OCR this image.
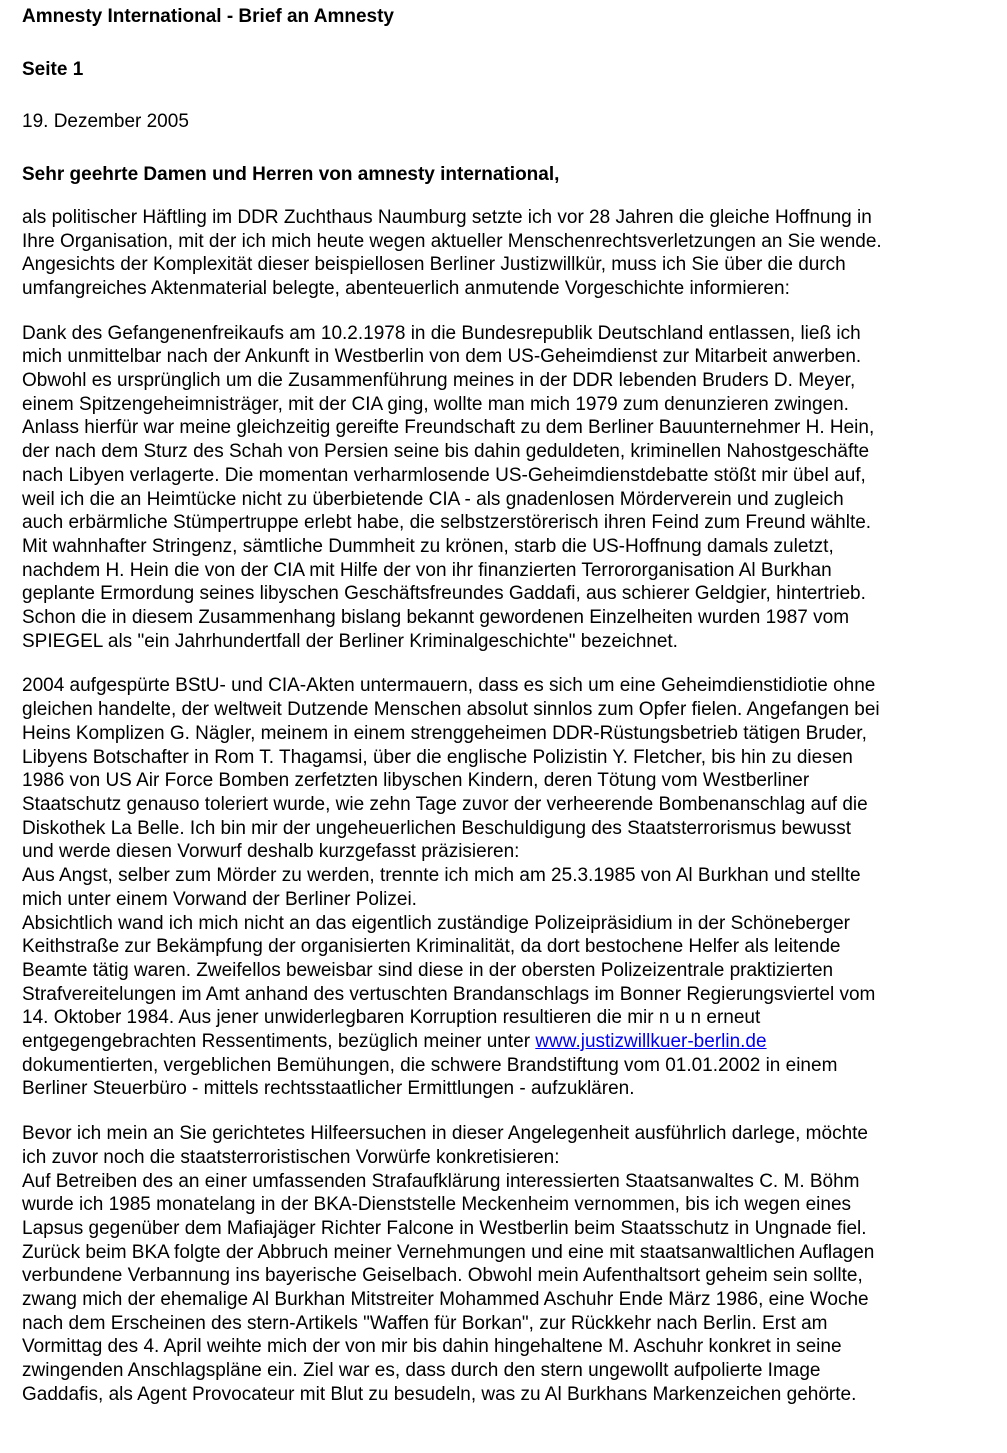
Amnesty International - Brief an Amnesty
Seite 1
19. Dezember 2005
Sehr geehrte Damen und Herren von amnesty international,
als politischer Häftling im DDR Zuchthaus Naumburg setzte ich vor 28 Jahren die gleiche Hoffnung in
Ihre Organisation, mit der ich mich heute wegen aktueller Menschenrechtsverletzungen an Sie wende.
Angesichts der Komplexität dieser beispiellosen Berliner Justizwillkür, muss ich Sie über die durch
umfangreiches Aktenmaterial belegte, abenteuerlich anmutende Vorgeschichte informieren:
Dank des Gefangenenfreikaufs am 10.2.1978 in die Bundesrepublik Deutschland entlassen, ließ ich
mich unmittelbar nach der Ankunft in Westberlin von dem US-Geheimdienst zur Mitarbeit anwerben.
Obwohl es ursprünglich um die Zusammenführung meines in der DDR lebenden Bruders D. Meyer,
einem Spitzengeheimnisträger, mit der CIA ging, wollte man mich 1979 zum denunzieren zwingen.
Anlass hierfür war meine gleichzeitig gereifte Freundschaft zu dem Berliner Bauunternehmer H. Hein,
der nach dem Sturz des Schah von Persien seine bis dahin geduldeten, kriminellen Nahostgeschäfte
nach Libyen verlagerte. Die momentan verharmlosende US-Geheimdienstdebatte stößt mir übel auf,
weil ich die an Heimtücke nicht zu überbietende CIA - als gnadenlosen Mörderverein und zugleich
auch erbärmliche Stümpertruppe erlebt habe, die selbstzerstörerisch ihren Feind zum Freund wählte.
Mit wahnhafter Stringenz, sämtliche Dummheit zu krönen, starb die US-Hoffnung damals zuletzt,
nachdem H. Hein die von der CIA mit Hilfe der von ihr finanzierten Terrororganisation Al Burkhan
geplante Ermordung seines libyschen Geschäftsfreundes Gaddafi, aus schierer Geldgier, hintertrieb.
Schon die in diesem Zusammenhang bislang bekannt gewordenen Einzelheiten wurden 1987 vom
SPIEGEL als "ein Jahrhundertfall der Berliner Kriminalgeschichte" bezeichnet.
2004 aufgespürte BStU- und CIA-Akten untermauern, dass es sich um eine Geheimdienstidiotie ohne
gleichen handelte, der weltweit Dutzende Menschen absolut sinnlos zum Opfer fielen. Angefangen bei
Heins Komplizen G. Nägler, meinem in einem strenggeheimen DDR-Rüstungsbetrieb tätigen Bruder,
Libyens Botschafter in Rom T. Thagamsi, über die englische Polizistin Y. Fletcher, bis hin zu diesen
1986 von US Air Force Bomben zerfetzten libyschen Kindern, deren Tötung vom Westberliner
Staatschutz genauso toleriert wurde, wie zehn Tage zuvor der verheerende Bombenanschlag auf die
Diskothek La Belle. Ich bin mir der ungeheuerlichen Beschuldigung des Staatsterrorismus bewusst
und werde diesen Vorwurf deshalb kurzgefasst präzisieren:
Aus Angst, selber zum Mörder zu werden, trennte ich mich am 25.3.1985 von Al Burkhan und stellte
mich unter einem Vorwand der Berliner Polizei.
Absichtlich wand ich mich nicht an das eigentlich zuständige Polizeipräsidium in der Schöneberger
Keithstraße zur Bekämpfung der organisierten Kriminalität, da dort bestochene Helfer als leitende
Beamte tätig waren. Zweifellos beweisbar sind diese in der obersten Polizeizentrale praktizierten
Strafvereitelungen im Amt anhand des vertuschten Brandanschlags im Bonner Regierungsviertel vom
14. Oktober 1984. Aus jener unwiderlegbaren Korruption resultieren die mir n u n erneut
entgegengebrachten Ressentiments, bezüglich meiner unter www.justizwillkuer-berlin.de
dokumentierten, vergeblichen Bemühungen, die schwere Brandstiftung vom 01.01.2002 in einem
Berliner Steuerbüro - mittels rechtsstaatlicher Ermittlungen - aufzuklären.
Bevor ich mein an Sie gerichtetes Hilfeersuchen in dieser Angelegenheit ausführlich darlege, möchte
ich zuvor noch die staatsterroristischen Vorwürfe konkretisieren:
Auf Betreiben des an einer umfassenden Strafaufklärung interessierten Staatsanwaltes C. M. Böhm
wurde ich 1985 monatelang in der BKA-Dienststelle Meckenheim vernommen, bis ich wegen eines
Lapsus gegenüber dem Mafiajäger Richter Falcone in Westberlin beim Staatsschutz in Ungnade fiel.
Zurück beim BKA folgte der Abbruch meiner Vernehmungen und eine mit staatsanwaltlichen Auflagen
verbundene Verbannung ins bayerische Geiselbach. Obwohl mein Aufenthaltsort geheim sein sollte,
zwang mich der ehemalige Al Burkhan Mitstreiter Mohammed Aschuhr Ende März 1986, eine Woche
nach dem Erscheinen des stern-Artikels "Waffen für Borkan", zur Rückkehr nach Berlin. Erst am
Vormittag des 4. April weihte mich der von mir bis dahin hingehaltene M. Aschuhr konkret in seine
zwingenden Anschlagspläne ein. Ziel war es, dass durch den stern ungewollt aufpolierte Image
Gaddafis, als Agent Provocateur mit Blut zu besudeln, was zu Al Burkhans Markenzeichen gehörte.
